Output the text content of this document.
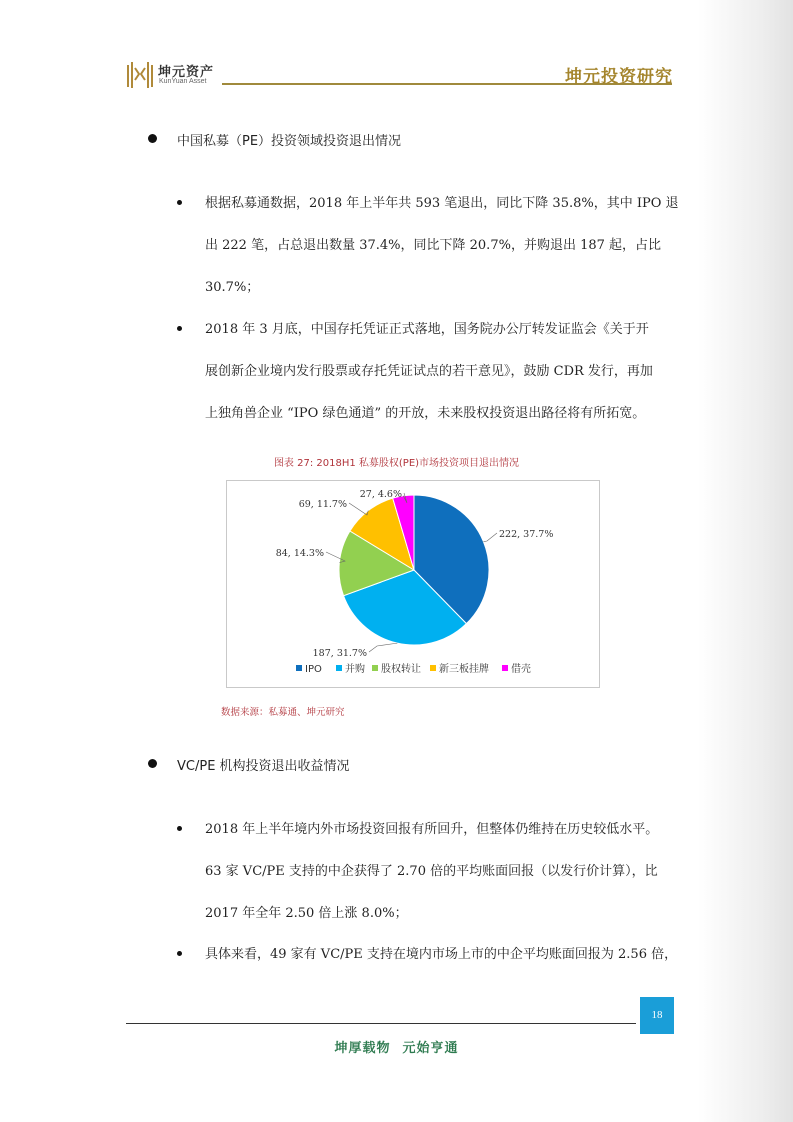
坤元资产
KunYuan Asset	坤元投资研究
中国私募（PE）投资领域投资退出情况
根据私募通数据，2018 年上半年共 593 笔退出，同比下降 35.8%，其中 IPO 退
出 222 笔，占总退出数量 37.4%，同比下降 20.7%，并购退出 187 起，占比
30.7%；
2018 年 3 月底，中国存托凭证正式落地，国务院办公厅转发证监会《关于开
展创新企业境内发行股票或存托凭证试点的若干意见》，鼓励 CDR 发行，再加
上独角兽企业 “IPO 绿色通道” 的开放，未来股权投资退出路径将有所拓宽。
图表 27: 2018H1 私募股权(PE)市场投资项目退出情况
222, 37.7%
187, 31.7%
84, 14.3%
69, 11.7%
27, 4.6%
IPO 并购 股权转让 新三板挂牌 借壳
数据来源：私募通、坤元研究
VC/PE 机构投资退出收益情况
2018 年上半年境内外市场投资回报有所回升，但整体仍维持在历史较低水平。
63 家 VC/PE 支持的中企获得了 2.70 倍的平均账面回报（以发行价计算），比
2017 年全年 2.50 倍上涨 8.0%；
具体来看，49 家有 VC/PE 支持在境内市场上市的中企平均账面回报为 2.56 倍，
18
坤厚载物 元始亨通
